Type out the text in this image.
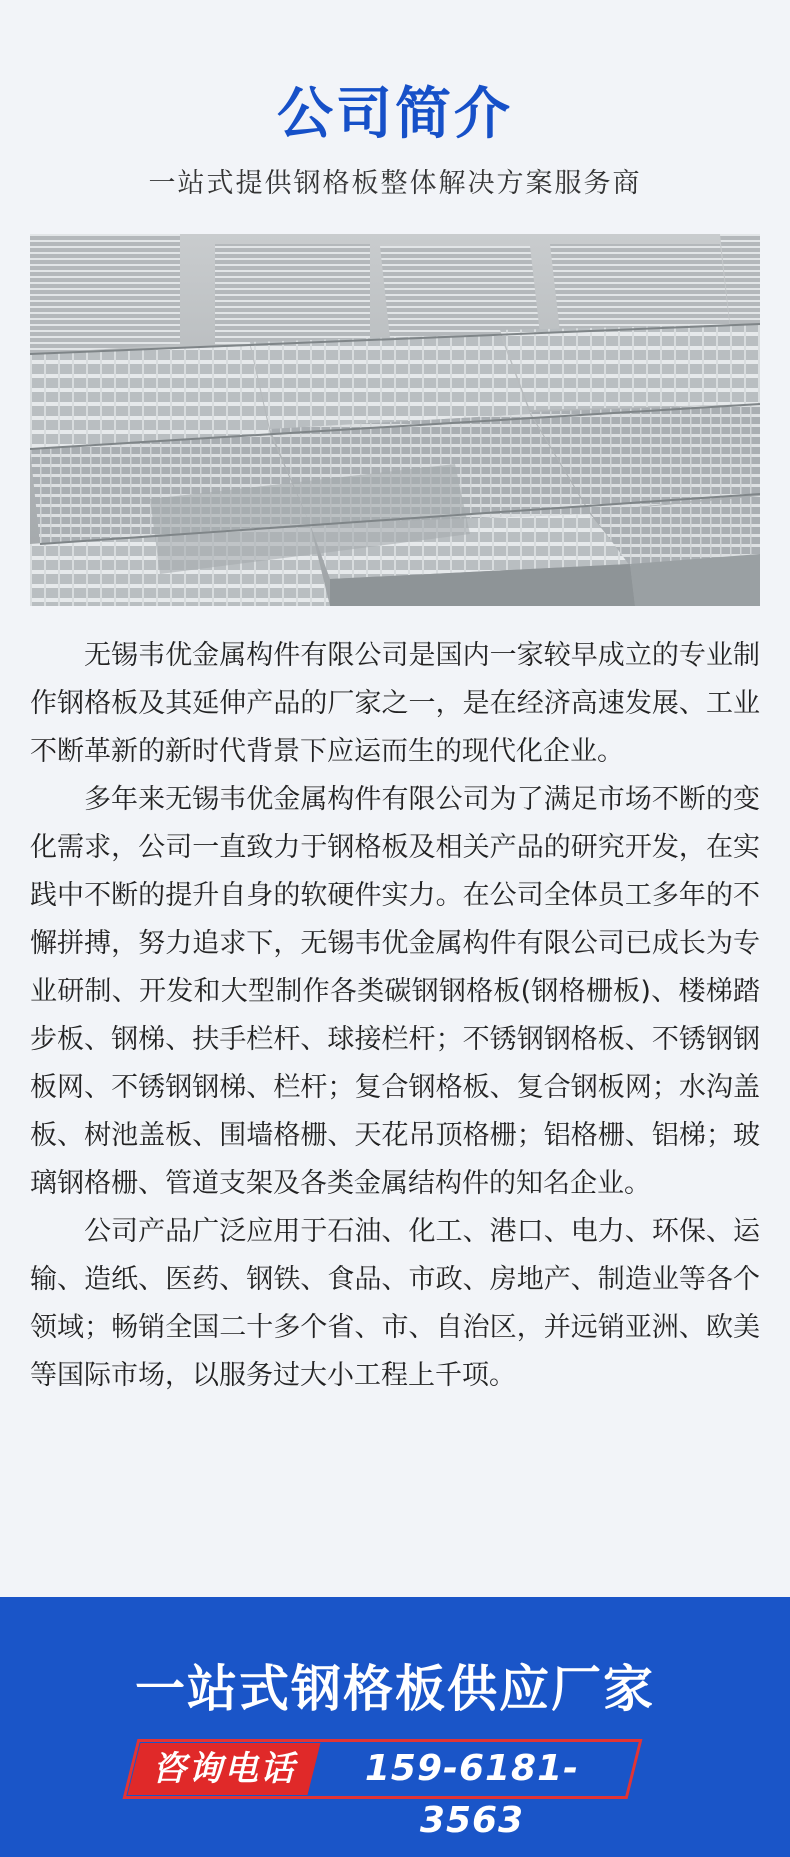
公司简介
一站式提供钢格板整体解决方案服务商

无锡韦优金属构件有限公司是国内一家较早成立的专业制作钢格板及其延伸产品的厂家之一，是在经济高速发展、工业不断革新的新时代背景下应运而生的现代化企业。

多年来无锡韦优金属构件有限公司为了满足市场不断的变化需求，公司一直致力于钢格板及相关产品的研究开发，在实践中不断的提升自身的软硬件实力。在公司全体员工多年的不懈拼搏，努力追求下，无锡韦优金属构件有限公司已成长为专业研制、开发和大型制作各类碳钢钢格板(钢格栅板)、楼梯踏步板、钢梯、扶手栏杆、球接栏杆；不锈钢钢格板、不锈钢钢板网、不锈钢钢梯、栏杆；复合钢格板、复合钢板网；水沟盖板、树池盖板、围墙格栅、天花吊顶格栅；铝格栅、铝梯；玻璃钢格栅、管道支架及各类金属结构件的知名企业。

公司产品广泛应用于石油、化工、港口、电力、环保、运输、造纸、医药、钢铁、食品、市政、房地产、制造业等各个领域；畅销全国二十多个省、市、自治区，并远销亚洲、欧美等国际市场，以服务过大小工程上千项。

一站式钢格板供应厂家
咨询电话	159-6181-3563
